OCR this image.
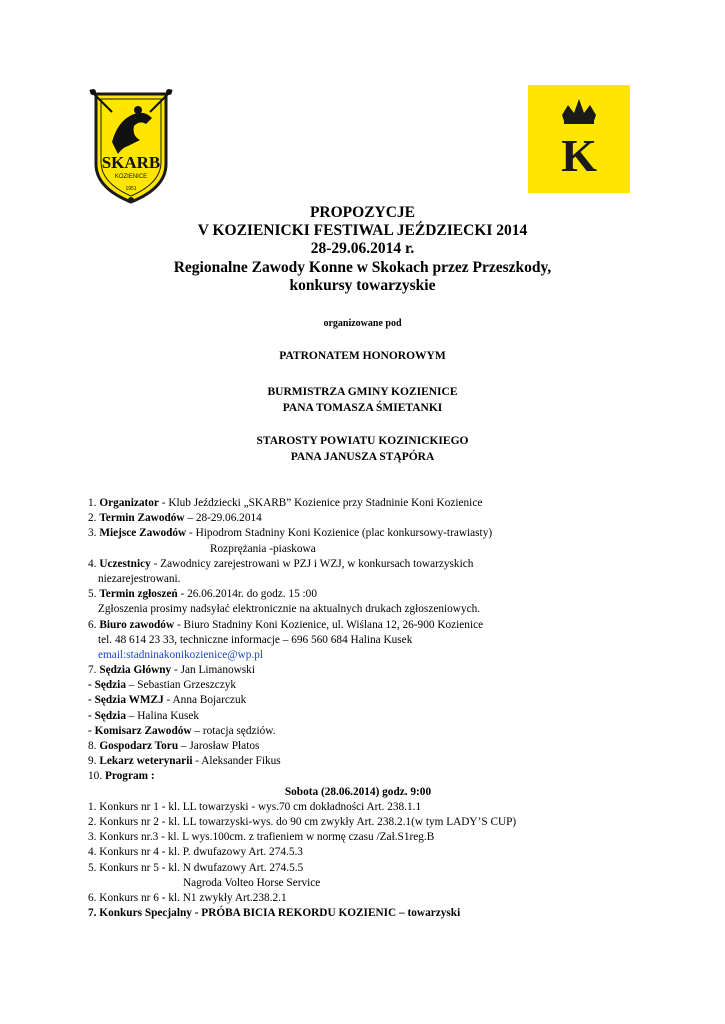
SKARB
KOZIENICE
1951
K
PROPOZYCJE
V KOZIENICKI FESTIWAL JEŹDZIECKI 2014
28-29.06.2014 r.
Regionalne Zawody Konne w Skokach przez Przeszkody,
konkursy towarzyskie
organizowane pod
PATRONATEM HONOROWYM
BURMISTRZA GMINY KOZIENICE
PANA TOMASZA ŚMIETANKI
STAROSTY POWIATU KOZINICKIEGO
PANA JANUSZA STĄPÓRA
1. Organizator - Klub Jeździecki „SKARB” Kozienice przy Stadninie Koni Kozienice
2. Termin Zawodów – 28-29.06.2014
3. Miejsce Zawodów - Hipodrom Stadniny Koni Kozienice (plac konkursowy-trawiasty)
Rozprężania -piaskowa
4. Uczestnicy - Zawodnicy zarejestrowani w PZJ i WZJ, w konkursach towarzyskich
niezarejestrowani.
5. Termin zgłoszeń - 26.06.2014r. do godz. 15 :00
Zgłoszenia prosimy nadsyłać elektronicznie na aktualnych drukach zgłoszeniowych.
6. Biuro zawodów - Biuro Stadniny Koni Kozienice, ul. Wiślana 12, 26-900 Kozienice
tel. 48 614 23 33, techniczne informacje – 696 560 684 Halina Kusek
email:stadninakonikozienice@wp.pl
7. Sędzia Główny - Jan Limanowski
- Sędzia – Sebastian Grzeszczyk
- Sędzia WMZJ - Anna Bojarczuk
- Sędzia – Halina Kusek
- Komisarz Zawodów – rotacja sędziów.
8. Gospodarz Toru – Jarosław Płatos
9. Lekarz weterynarii - Aleksander Fikus
10. Program :
Sobota (28.06.2014) godz. 9:00
1. Konkurs nr 1 - kl. LL towarzyski - wys.70 cm dokładności Art. 238.1.1
2. Konkurs nr 2 - kl. LL towarzyski-wys. do 90 cm zwykły Art. 238.2.1(w tym LADY’S CUP)
3. Konkurs nr.3 - kl. L wys.100cm. z trafieniem w normę czasu /Zał.S1reg.B
4. Konkurs nr 4 - kl. P. dwufazowy Art. 274.5.3
5. Konkurs nr 5 - kl. N dwufazowy Art. 274.5.5
Nagroda Volteo Horse Service
6. Konkurs nr 6 - kl. N1 zwykły Art.238.2.1
7. Konkurs Specjalny - PRÓBA BICIA REKORDU KOZIENIC – towarzyski
